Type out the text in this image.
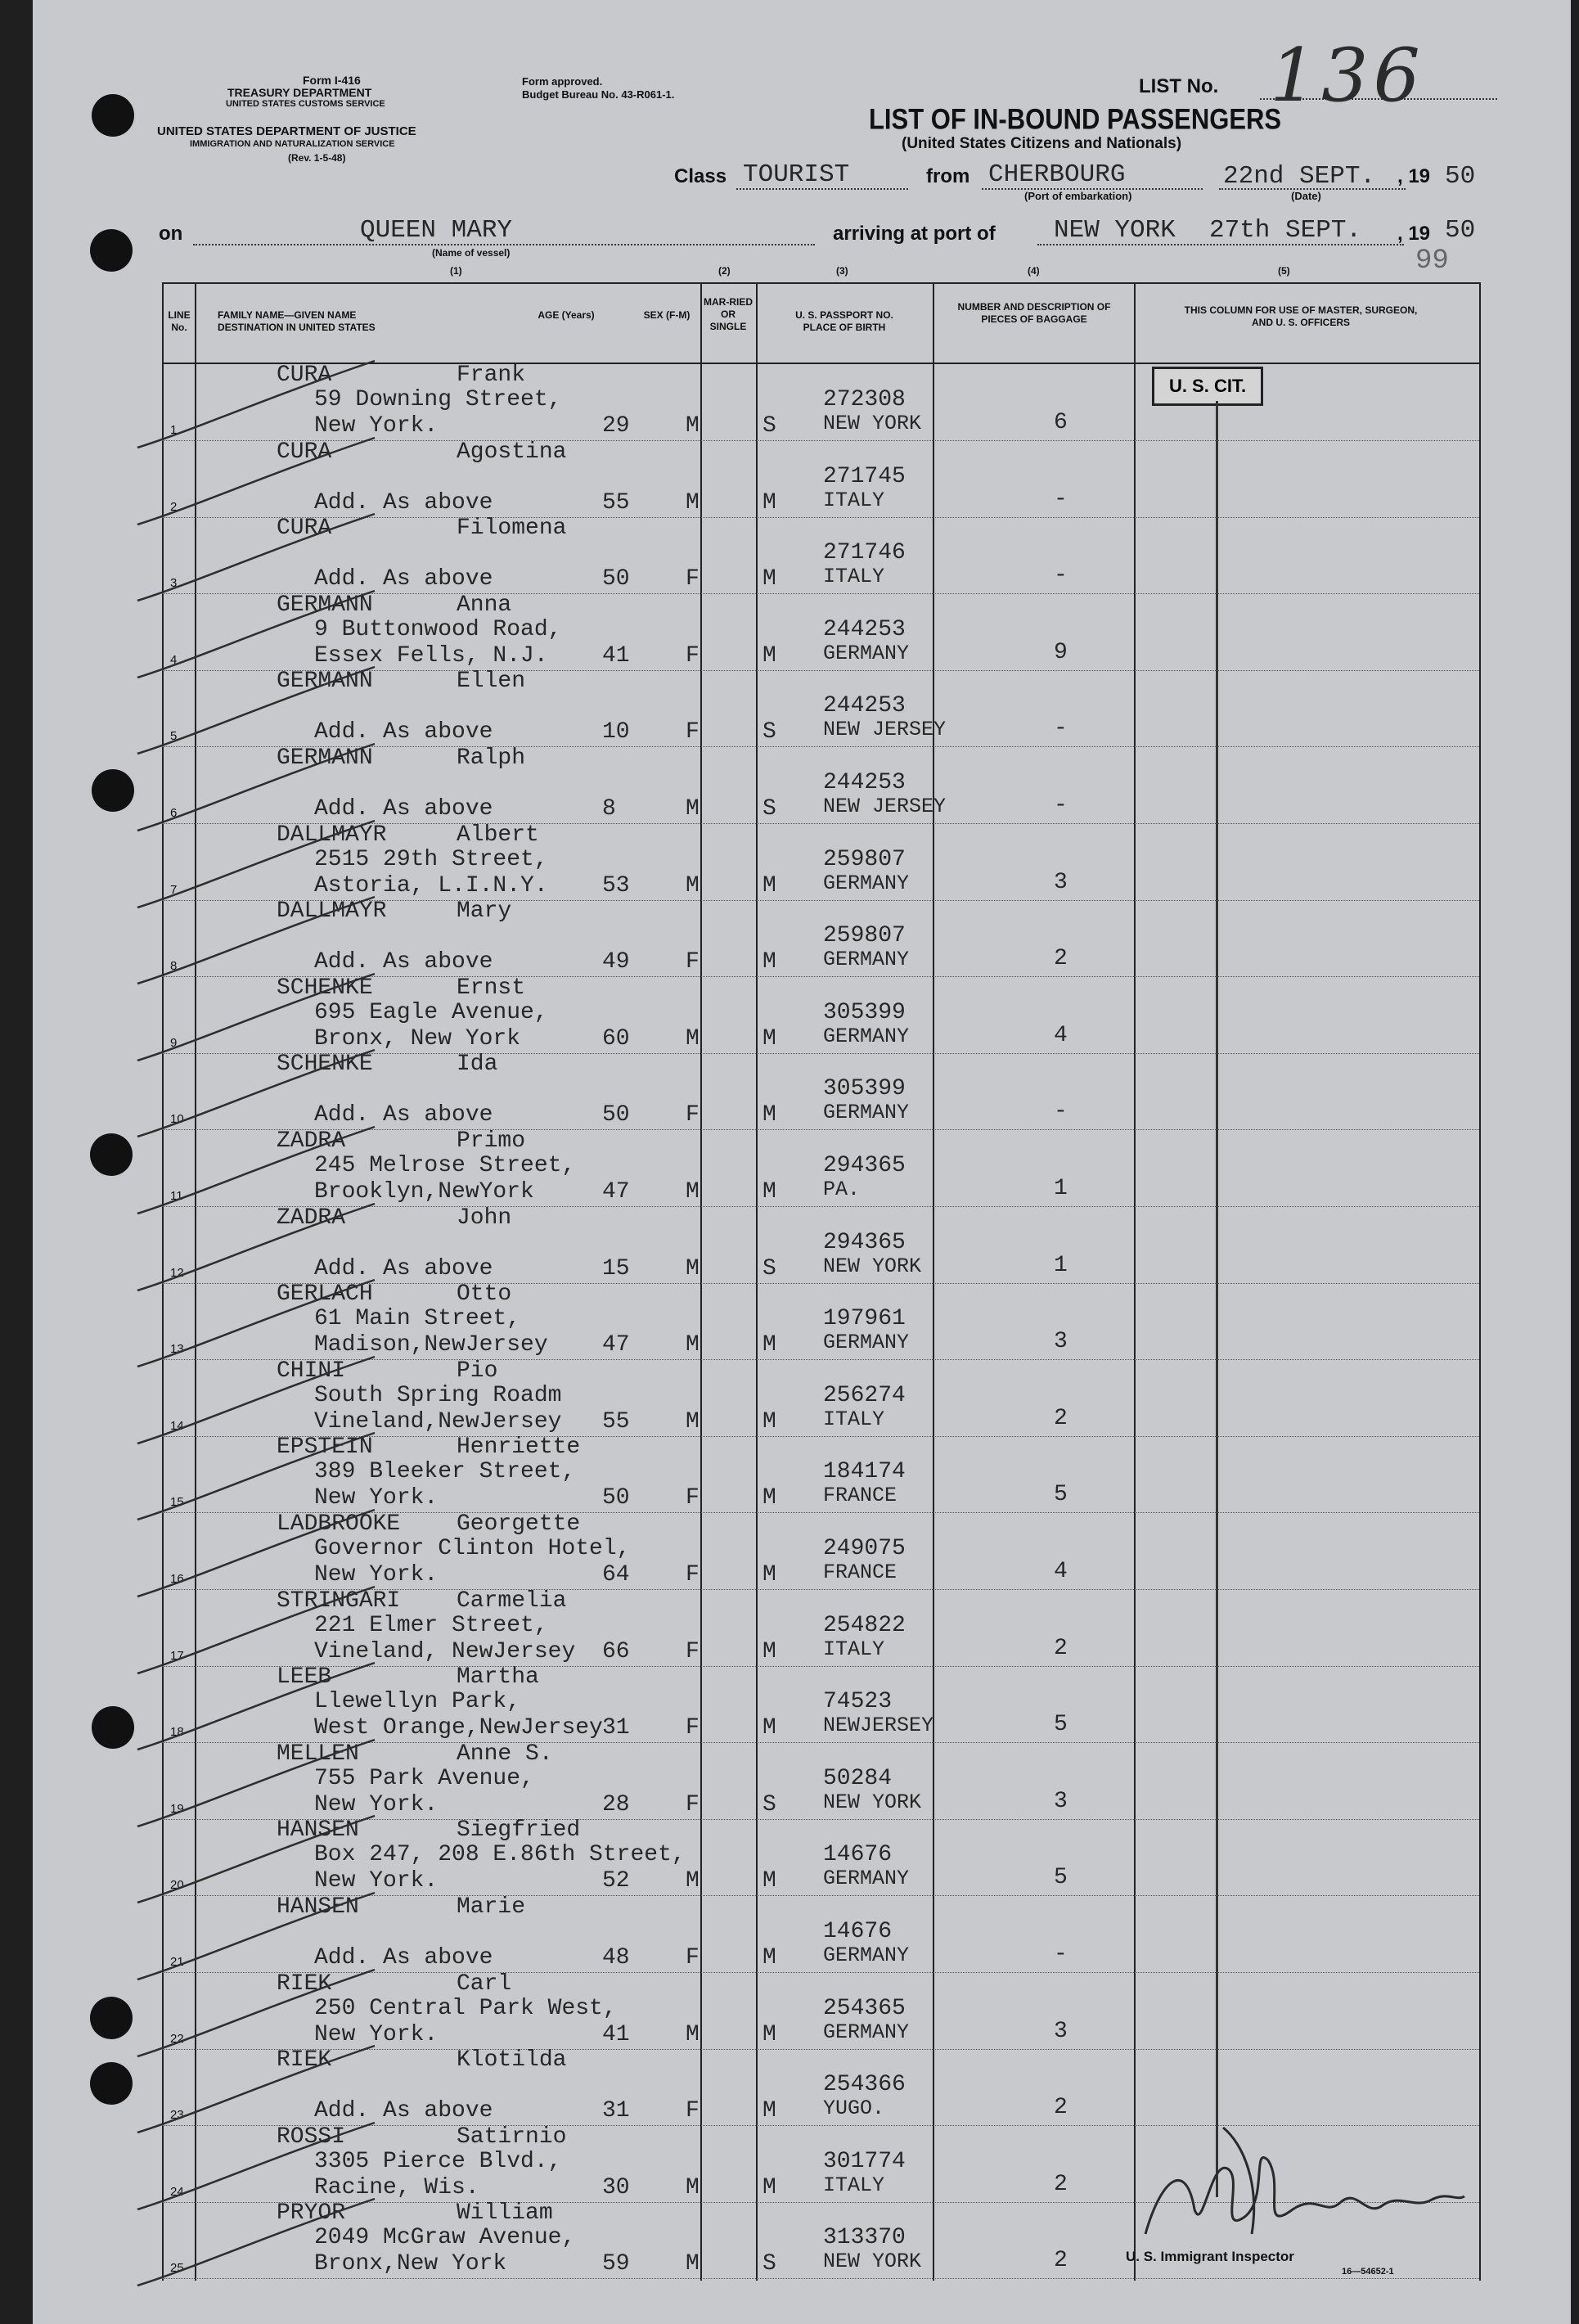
Form I-416
TREASURY DEPARTMENT
UNITED STATES CUSTOMS SERVICE
UNITED STATES DEPARTMENT OF JUSTICE
IMMIGRATION AND NATURALIZATION SERVICE
(Rev. 1-5-48)
Form approved.
Budget Bureau No. 43-R061-1.	LIST No. 136
LIST OF IN-BOUND PASSENGERS
(United States Citizens and Nationals)
Class TOURIST	from CHERBOURG
(Port of embarkation)
22nd SEPT.
(Date)
, 19 50
on	QUEEN MARY
(Name of vessel)
arriving at port of NEW YORK 27th SEPT. , 19 50
99
(1)	(2)	(3)	(4)	(5)
LINE No.
FAMILY NAME—GIVEN NAME DESTINATION IN UNITED STATES
AGE (Years)	SEX (F-M)
MAR-RIED OR SINGLE
U. S. PASSPORT NO. PLACE OF BIRTH
NUMBER AND DESCRIPTION OF PIECES OF BAGGAGE
THIS COLUMN FOR USE OF MASTER, SURGEON, AND U. S. OFFICERS
U. S. CIT.
1
CURA	Frank
59 Downing Street,
New York.	29 M	S
272308
NEW YORK	6
2
CURA	Agostina
Add. As above	55 M	M
271745
ITALY	-
3
CURA	Filomena
Add. As above	50 F	M
271746
ITALY	-
4
GERMANN	Anna
9 Buttonwood Road,
Essex Fells, N.J. 41 F	M
244253
GERMANY	9
5
GERMANN	Ellen
Add. As above	10 F	S
244253
NEW JERSEY	-
6
GERMANN	Ralph
Add. As above	8	M	S
244253
NEW JERSEY	-
7
DALLMAYR	Albert
2515 29th Street,
Astoria, L.I.N.Y. 53 M	M
259807
GERMANY	3
8
DALLMAYR	Mary
Add. As above	49 F	M
259807
GERMANY	2
9
SCHENKE	Ernst
695 Eagle Avenue,
Bronx, New York	60 M	M
305399
GERMANY	4
10
SCHENKE	Ida
Add. As above	50 F	M
305399
GERMANY	-
11
ZADRA	Primo
245 Melrose Street,
Brooklyn,NewYork	47 M	M
294365
PA.	1
12
ZADRA	John
Add. As above	15 M	S
294365
NEW YORK	1
13
GERLACH	Otto
61 Main Street,
Madison,NewJersey 47 M	M
197961
GERMANY	3
14
CHINI	Pio
South Spring Roadm
Vineland,NewJersey 55 M	M
256274
ITALY	2
15
EPSTEIN	Henriette
389 Bleeker Street,
New York.	50 F	M
184174
FRANCE	5
16
LADBROOKE Georgette
Governor Clinton Hotel,
New York.	64 F	M
249075
FRANCE	4
17
STRINGARI Carmelia
221 Elmer Street,
Vineland, NewJersey 66 F	M
254822
ITALY	2
18
LEEB	Martha
Llewellyn Park,
West Orange,NewJersey 31 F	M
74523
NEWJERSEY	5
19
MELLEN	Anne S.
755 Park Avenue,
New York.	28 F	S
50284
NEW YORK	3
20
HANSEN	Siegfried
Box 247, 208 E.86th Street,
New York.	52 M	M
14676
GERMANY	5
21
HANSEN	Marie
Add. As above	48 F	M
14676
GERMANY	-
22
RIEK	Carl
250 Central Park West,
New York.	41 M	M
254365
GERMANY	3
23
RIEK	Klotilda
Add. As above	31 F	M
254366
YUGO.	2
24
ROSSI	Satirnio
3305 Pierce Blvd.,
Racine, Wis.	30 M	M
301774
ITALY	2
25
PRYOR	William
2049 McGraw Avenue,
Bronx,New York	59 M	S
313370
NEW YORK	2	U. S. Immigrant Inspector
16—54652-1
